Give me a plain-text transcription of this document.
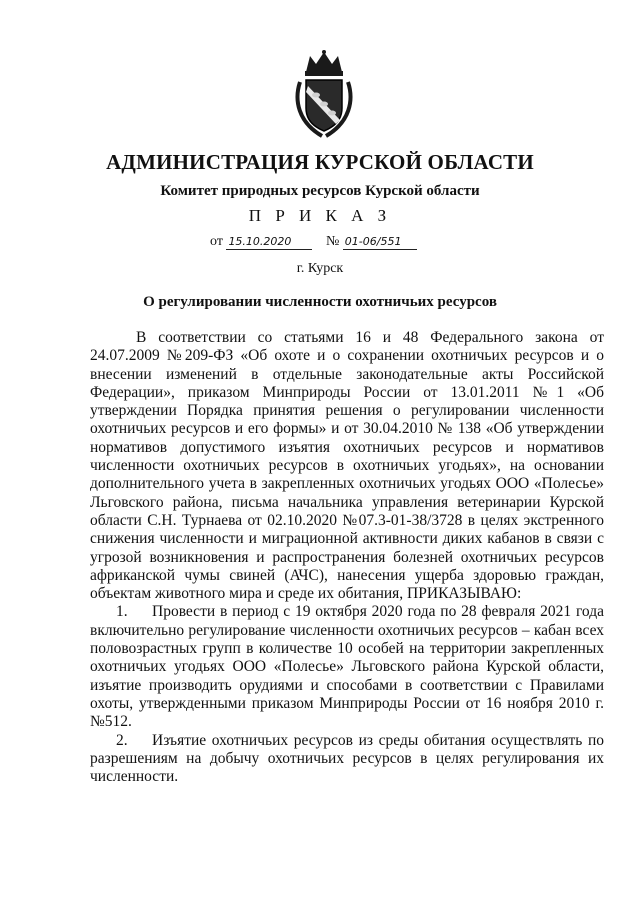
АДМИНИСТРАЦИЯ КУРСКОЙ ОБЛАСТИ
Комитет природных ресурсов Курской области
П Р И К А З
от 15.10.2020 № 01-06/551
г. Курск
О регулировании численности охотничьих ресурсов

В соответствии со статьями 16 и 48 Федерального закона от 24.07.2009 №209-ФЗ «Об охоте и о сохранении охотничьих ресурсов и о внесении изменений в отдельные законодательные акты Российской Федерации», приказом Минприроды России от 13.01.2011 №1 «Об утверждении Порядка принятия решения о регулировании численности охотничьих ресурсов и его формы» и от 30.04.2010 № 138 «Об утверждении нормативов допустимого изъятия охотничьих ресурсов и нормативов численности охотничьих ресурсов в охотничьих угодьях», на основании дополнительного учета в закрепленных охотничьих угодьях ООО «Полесье» Льговского района, письма начальника управления ветеринарии Курской области С.Н. Турнаева от 02.10.2020 №07.3-01-38/3728 в целях экстренного снижения численности и миграционной активности диких кабанов в связи с угрозой возникновения и распространения болезней охотничьих ресурсов африканской чумы свиней (АЧС), нанесения ущерба здоровью граждан, объектам животного мира и среде их обитания, ПРИКАЗЫВАЮ:

1. Провести в период с 19 октября 2020 года по 28 февраля 2021 года включительно регулирование численности охотничьих ресурсов – кабан всех половозрастных групп в количестве 10 особей на территории закрепленных охотничьих угодьях ООО «Полесье» Льговского района Курской области, изъятие производить орудиями и способами в соответствии с Правилами охоты, утвержденными приказом Минприроды России от 16 ноября 2010 г. №512.

2. Изъятие охотничьих ресурсов из среды обитания осуществлять по разрешениям на добычу охотничьих ресурсов в целях регулирования их численности.
